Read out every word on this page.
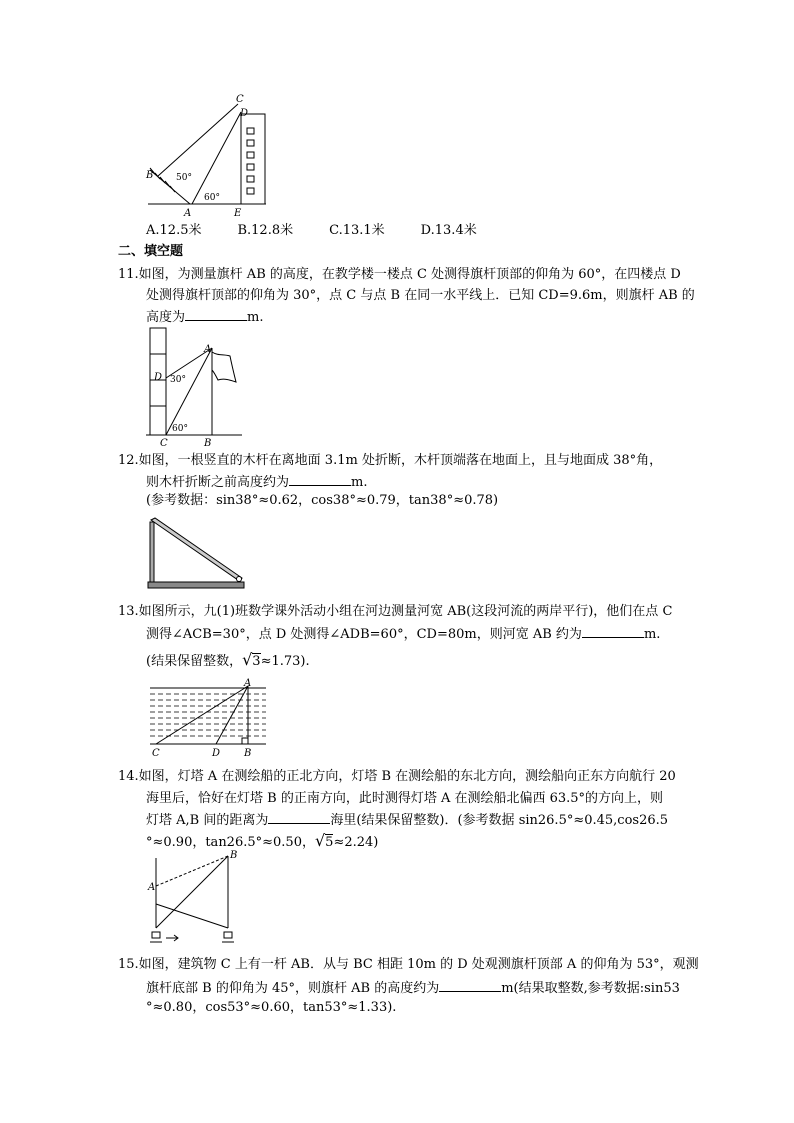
C
D
B
A	E
50°
60°
A.12.5米	B.12.8米	C.13.1米	D.13.4米
二、填空题
11.如图，为测量旗杆 AB 的高度，在教学楼一楼点 C 处测得旗杆顶部的仰角为 60°，在四楼点 D
处测得旗杆顶部的仰角为 30°，点 C 与点 B 在同一水平线上．已知 CD=9.6m，则旗杆 AB 的
高度为	m.
A
D 30°
60°
C	B
12.如图，一根竖直的木杆在离地面 3.1m 处折断，木杆顶端落在地面上，且与地面成 38°角，
则木杆折断之前高度约为	m.
(参考数据：sin38°≈0.62，cos38°≈0.79，tan38°≈0.78)
13.如图所示，九(1)班数学课外活动小组在河边测量河宽 AB(这段河流的两岸平行)，他们在点 C
测得∠ACB=30°，点 D 处测得∠ADB=60°，CD=80m，则河宽 AB 约为	m.
(结果保留整数，√3≈1.73).
A
C	D B
14.如图，灯塔 A 在测绘船的正北方向，灯塔 B 在测绘船的东北方向，测绘船向正东方向航行 20
海里后，恰好在灯塔 B 的正南方向，此时测得灯塔 A 在测绘船北偏西 63.5°的方向上，则
灯塔 A,B 间的距离为	海里(结果保留整数)．(参考数据 sin26.5°≈0.45,cos26.5
°≈0.90，tan26.5°≈0.50，√5≈2.24)
B
A
15.如图，建筑物 C 上有一杆 AB．从与 BC 相距 10m 的 D 处观测旗杆顶部 A 的仰角为 53°，观测
旗杆底部 B 的仰角为 45°，则旗杆 AB 的高度约为	m(结果取整数,参考数据:sin53
°≈0.80，cos53°≈0.60，tan53°≈1.33).
